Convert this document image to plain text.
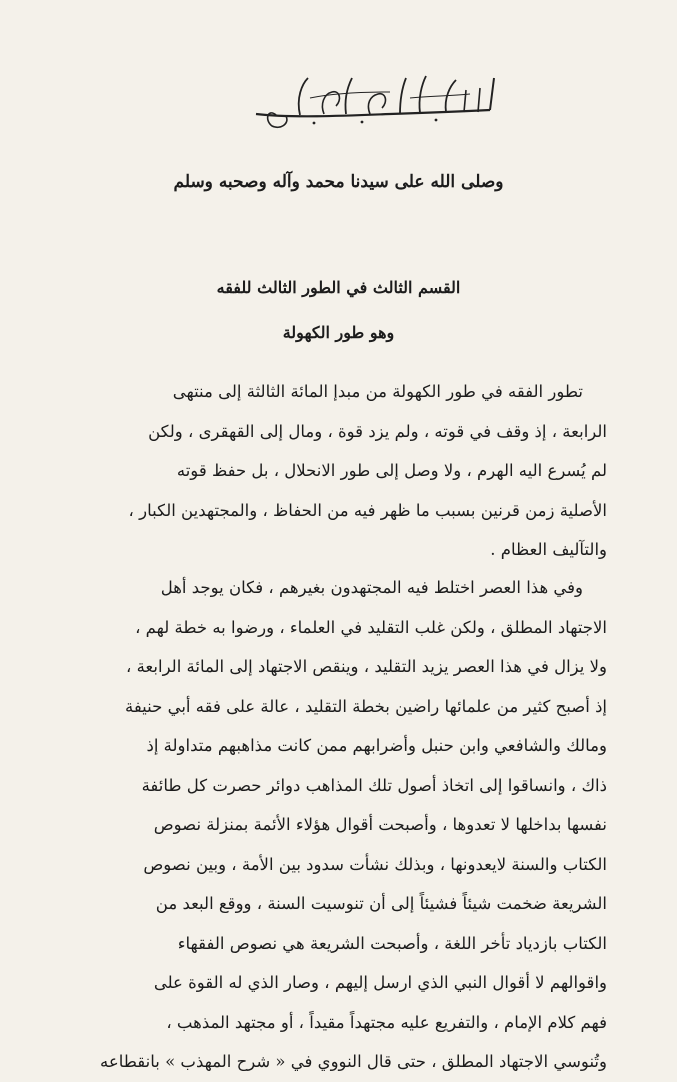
وصلى الله على سيدنا محمد وآله وصحبه وسلم
القسم الثالث في الطور الثالث للفقه
وهو طور الكهولة
تطور الفقه في طور الكهولة من مبدإ المائة الثالثة إلى منتهى
الرابعة ، إذ وقف في قوته ، ولم يزد قوة ، ومال إلى القهقرى ، ولكن
لم يُسرع اليه الهرم ، ولا وصل إلى طور الانحلال ، بل حفظ قوته
الأصلية زمن قرنين بسبب ما ظهر فيه من الحفاظ ، والمجتهدين الكبار ،
والتآليف العظام .
وفي هذا العصر اختلط فيه المجتهدون بغيرهم ، فكان يوجد أهل
الاجتهاد المطلق ، ولكن غلب التقليد في العلماء ، ورضوا به خطة لهم ،
ولا يزال في هذا العصر يزيد التقليد ، وينقص الاجتهاد إلى المائة الرابعة ،
إذ أصبح كثير من علمائها راضين بخطة التقليد ، عالة على فقه أبي حنيفة
ومالك والشافعي وابن حنبل وأضرابهم ممن كانت مذاهبهم متداولة إذ
ذاك ، وانساقوا إلى اتخاذ أصول تلك المذاهب دوائر حصرت كل طائفة
نفسها بداخلها لا تعدوها ، وأصبحت أقوال هؤلاء الأئمة بمنزلة نصوص
الكتاب والسنة لايعدونها ، وبذلك نشأت سدود بين الأمة ، وبين نصوص
الشريعة ضخمت شيئاً فشيئاً إلى أن تنوسيت السنة ، ووقع البعد من
الكتاب بازدياد تأخر اللغة ، وأصبحت الشريعة هي نصوص الفقهاء
واقوالهم لا أقوال النبي الذي ارسل إليهم ، وصار الذي له القوة على
فهم كلام الإمام ، والتفريع عليه مجتهداً مقيداً ، أو مجتهد المذهب ،
وتُنوسي الاجتهاد المطلق ، حتى قال النووي في « شرح المهذب » بانقطاعه
